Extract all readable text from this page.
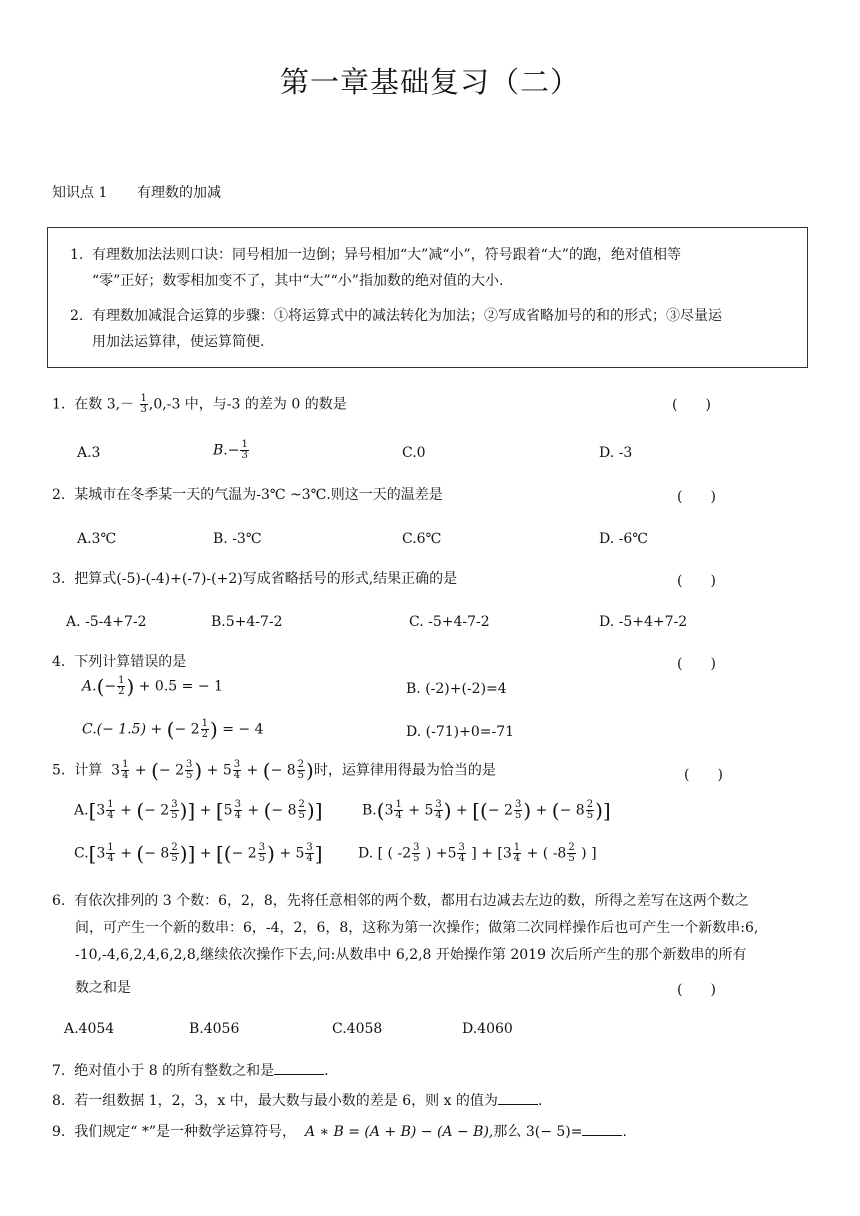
第一章基础复习（二）
知识点 1 有理数的加减
1. 有理数加法法则口诀：同号相加一边倒；异号相加“大”减“小”，符号跟着“大”的跑，绝对值相等
“零”正好；数零相加变不了，其中“大”“小”指加数的绝对值的大小.
2. 有理数加减混合运算的步骤：①将运算式中的减法转化为加法；②写成省略加号的和的形式；③尽量运
用加法运算律，使运算简便.
1. 在数 $3,- \frac{1}{3} ,0,-3$ 中，与-3 的差为 0 的数是	(　　)
A.3	$B.- \frac{1}{3}$	C.0	D. -3
2. 某城市在冬季某一天的气温为-3℃ ~3℃.则这一天的温差是	(　　)
A.3℃	B. -3℃	C.6℃	D. -6℃
3. 把算式(-5)-(-4)+(-7)-(+2)写成省略括号的形式,结果正确的是	(　　)
A. -5-4+7-2	B.5+4-7-2	C. -5+4-7-2	D. -5+4+7-2
4. 下列计算错误的是	(　　)
$A.(- \frac{1}{2}$ ) + 0.5 = − 1	B. (-2)+(-2)=4
C.(− 1.5) + (− $2 \frac{1}{2}$ ) = − 4	D. (-71)+0=-71
5. 计算  $3 \frac{1}{4}$ + (− $2 \frac{3}{5}$ ) + $5 \frac{3}{4}$ + (− $8 \frac{2}{5}$ )时，运算律用得最为恰当的是	(　　)
$A.[3 \frac{1}{4}$ + (− $2 \frac{3}{5}$ )] + [$5 \frac{3}{4}$ + (− $8 \frac{2}{5}$ )]	$B.(3 \frac{1}{4} + 5 \frac{3}{4}$ ) + [(− $2 \frac{3}{5}$ ) + (− $8 \frac{2}{5}$ )]
$C.[3 \frac{1}{4}$ + (− $8 \frac{2}{5}$ )] + [(− $2 \frac{3}{5}$ ) + $5 \frac{3}{4}$ ]	D. [ ( $-2 \frac{3}{5}$ ) $+5 \frac{3}{4}$ ] + [$3 \frac{1}{4}$ + ( $-8 \frac{2}{5}$ ) ]
6. 有依次排列的 3 个数：6，2，8，先将任意相邻的两个数，都用右边减去左边的数，所得之差写在这两个数之
间，可产生一个新的数串：6，-4，2，6，8，这称为第一次操作；做第二次同样操作后也可产生一个新数串:6,
-10,-4,6,2,4,6,2,8,继续依次操作下去,问:从数串中 6,2,8 开始操作第 2019 次后所产生的那个新数串的所有
数之和是	(　　)
A.4054	B.4056	C.4058	D.4060
7. 绝对值小于 8 的所有整数之和是	.
8. 若一组数据 1，2，3，x 中，最大数与最小数的差是 6，则 x 的值为	.
9. 我们规定“ *”是一种数学运算符号， A ∗ B = (A + B) − (A − B),那么 3(− 5)=	.
